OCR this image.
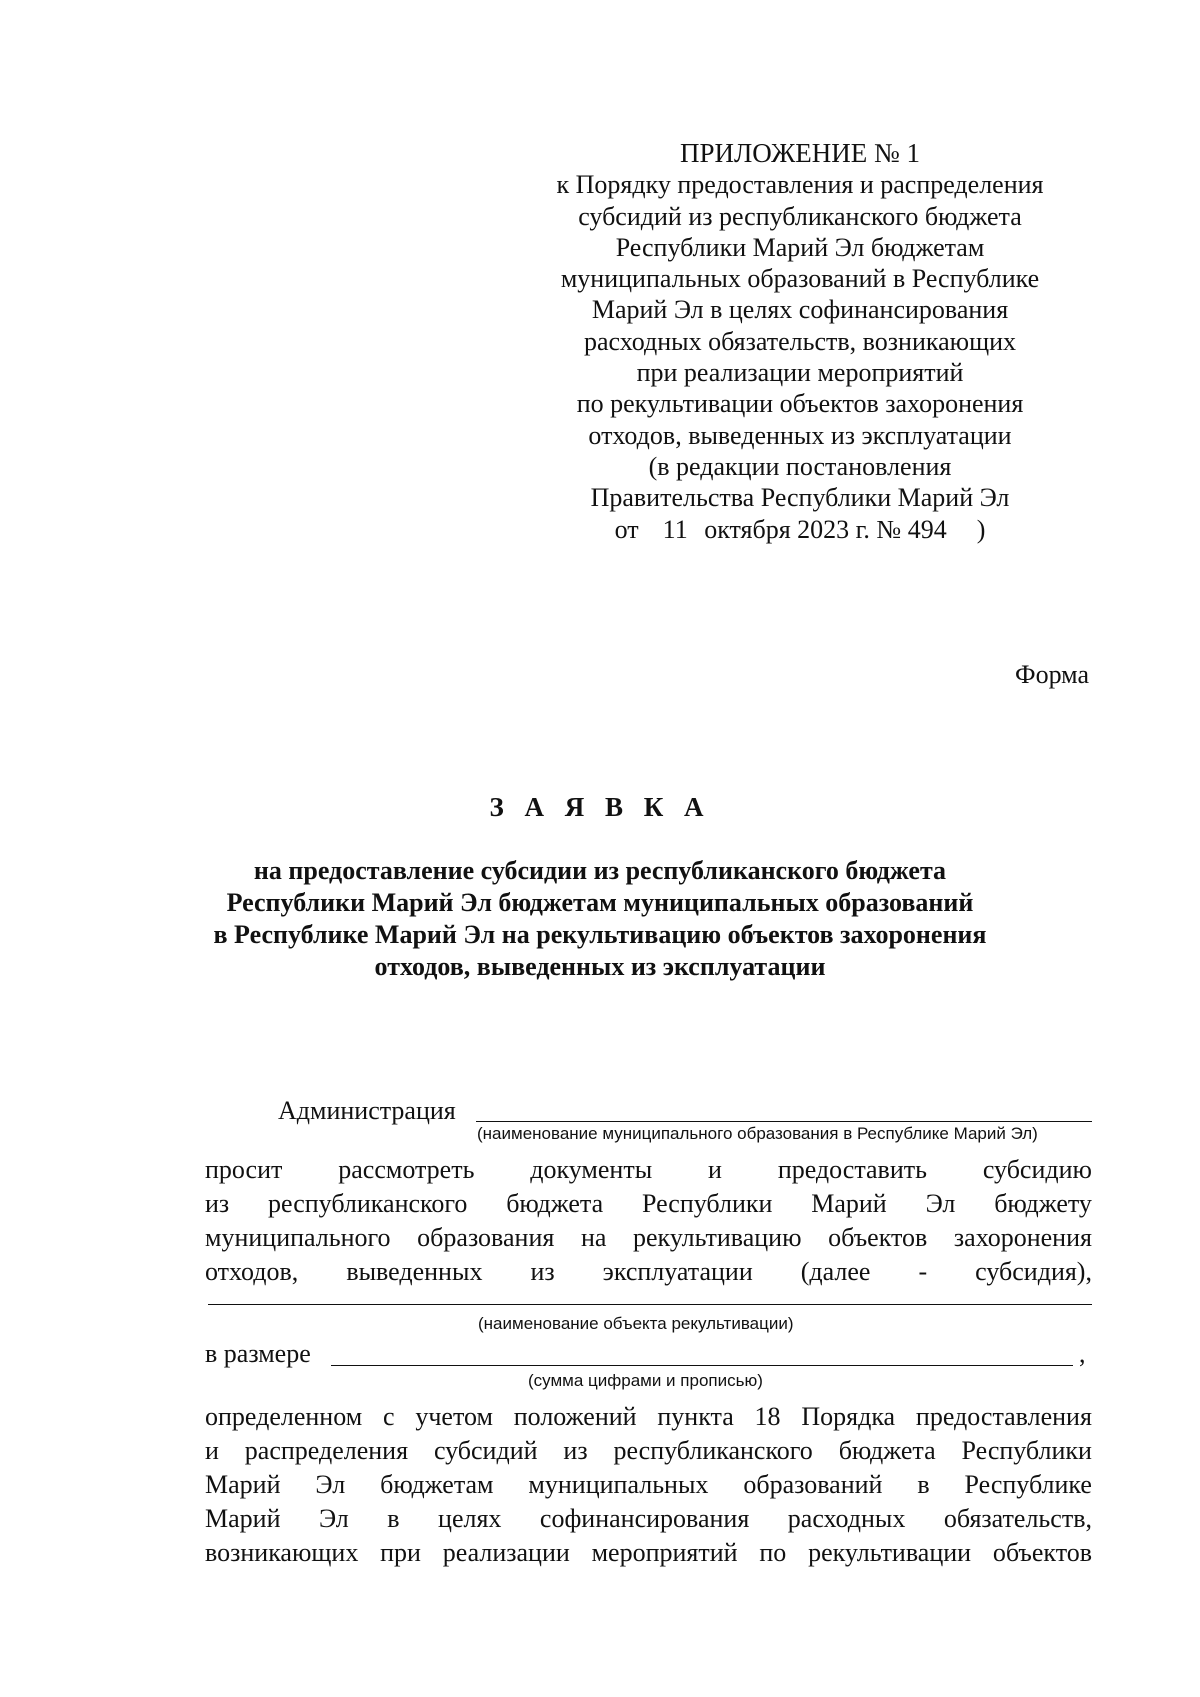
ПРИЛОЖЕНИЕ № 1
к Порядку предоставления и распределения
субсидий из республиканского бюджета
Республики Марий Эл бюджетам
муниципальных образований в Республике
Марий Эл в целях софинансирования
расходных обязательств, возникающих
при реализации мероприятий
по рекультивации объектов захоронения
отходов, выведенных из эксплуатации
(в редакции постановления
Правительства Республики Марий Эл
от 11 октября 2023 г. № 494 )
Форма
З А Я В К А
на предоставление субсидии из республиканского бюджета
Республики Марий Эл бюджетам муниципальных образований
в Республике Марий Эл на рекультивацию объектов захоронения
отходов, выведенных из эксплуатации
Администрация
(наименование муниципального образования в Республике Марий Эл)
просит рассмотреть документы и предоставить субсидию
из республиканского бюджета Республики Марий Эл бюджету
муниципального образования на рекультивацию объектов захоронения
отходов, выведенных из эксплуатации (далее - субсидия),
(наименование объекта рекультивации)
в размере	,
(сумма цифрами и прописью)
определенном с учетом положений пункта 18 Порядка предоставления
и распределения субсидий из республиканского бюджета Республики
Марий Эл бюджетам муниципальных образований в Республике
Марий Эл в целях софинансирования расходных обязательств,
возникающих при реализации мероприятий по рекультивации объектов
